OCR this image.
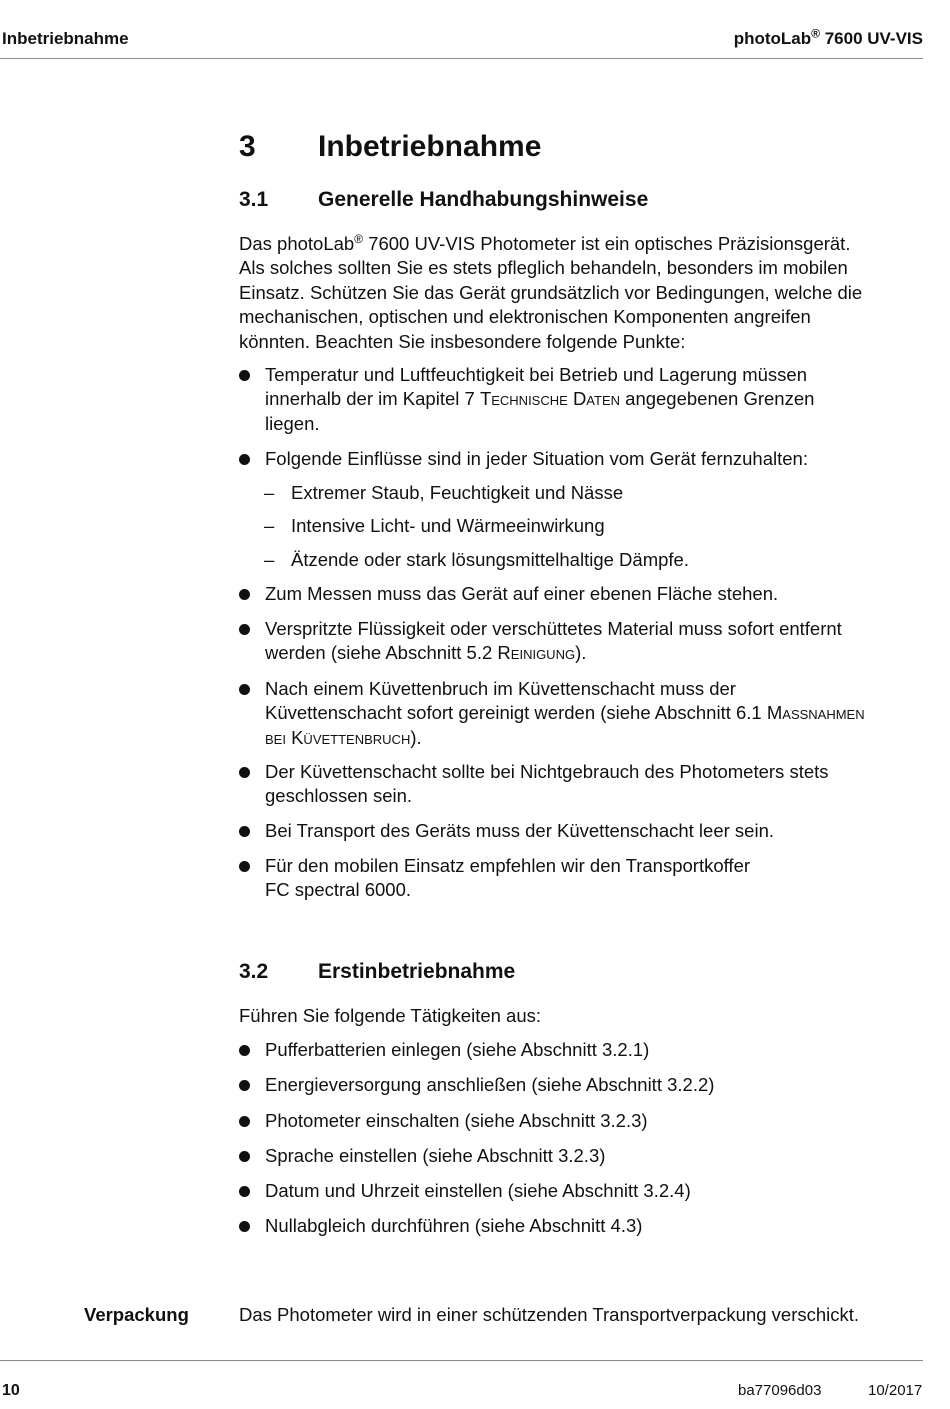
Inbetriebnahme	photoLab® 7600 UV-VIS
3 Inbetriebnahme
3.1 Generelle Handhabungshinweise
Das photoLab® 7600 UV-VIS Photometer ist ein optisches Präzisionsgerät.
Als solches sollten Sie es stets pfleglich behandeln, besonders im mobilen
Einsatz. Schützen Sie das Gerät grundsätzlich vor Bedingungen, welche die
mechanischen, optischen und elektronischen Komponenten angreifen
könnten. Beachten Sie insbesondere folgende Punkte:
Temperatur und Luftfeuchtigkeit bei Betrieb und Lagerung müssen
innerhalb der im Kapitel 7 Technische Daten angegebenen Grenzen
liegen.
Folgende Einflüsse sind in jeder Situation vom Gerät fernzuhalten:
– Extremer Staub, Feuchtigkeit und Nässe
– Intensive Licht- und Wärmeeinwirkung
– Ätzende oder stark lösungsmittelhaltige Dämpfe.
Zum Messen muss das Gerät auf einer ebenen Fläche stehen.
Verspritzte Flüssigkeit oder verschüttetes Material muss sofort entfernt
werden (siehe Abschnitt 5.2 Reinigung).
Nach einem Küvettenbruch im Küvettenschacht muss der
Küvettenschacht sofort gereinigt werden (siehe Abschnitt 6.1 Maßnahmen
bei Küvettenbruch).
Der Küvettenschacht sollte bei Nichtgebrauch des Photometers stets
geschlossen sein.
Bei Transport des Geräts muss der Küvettenschacht leer sein.
Für den mobilen Einsatz empfehlen wir den Transportkoffer
FC spectral 6000.
3.2 Erstinbetriebnahme
Führen Sie folgende Tätigkeiten aus:
Pufferbatterien einlegen (siehe Abschnitt 3.2.1)
Energieversorgung anschließen (siehe Abschnitt 3.2.2)
Photometer einschalten (siehe Abschnitt 3.2.3)
Sprache einstellen (siehe Abschnitt 3.2.3)
Datum und Uhrzeit einstellen (siehe Abschnitt 3.2.4)
Nullabgleich durchführen (siehe Abschnitt 4.3)
Verpackung	Das Photometer wird in einer schützenden Transportverpackung verschickt.
10	ba77096d03	10/2017
